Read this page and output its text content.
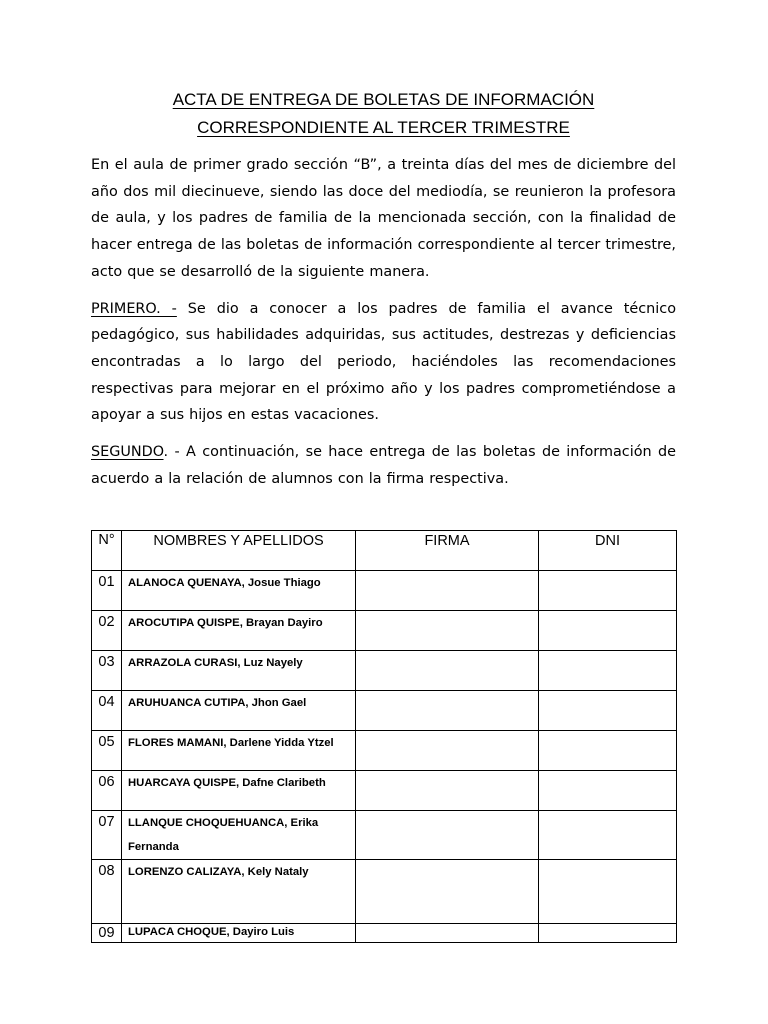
ACTA DE ENTREGA DE BOLETAS DE INFORMACIÓN

CORRESPONDIENTE AL TERCER TRIMESTRE

En el aula de primer grado sección “B”, a treinta días del mes de diciembre del año dos mil diecinueve, siendo las doce del mediodía, se reunieron la profesora de aula, y los padres de familia de la mencionada sección, con la finalidad de hacer entrega de las boletas de información correspondiente al tercer trimestre, acto que se desarrolló de la siguiente manera.

PRIMERO. - Se dio a conocer a los padres de familia el avance técnico pedagógico, sus habilidades adquiridas, sus actitudes, destrezas y deficiencias encontradas a lo largo del periodo, haciéndoles las recomendaciones respectivas para mejorar en el próximo año y los padres comprometiéndose a apoyar a sus hijos en estas vacaciones.

SEGUNDO. - A continuación, se hace entrega de las boletas de información de acuerdo a la relación de alumnos con la firma respectiva.

N°	NOMBRES Y APELLIDOS	FIRMA	DNI
01	ALANOCA QUENAYA, Josue Thiago		
02	AROCUTIPA QUISPE, Brayan Dayiro		
03	ARRAZOLA CURASI, Luz Nayely		
04	ARUHUANCA CUTIPA, Jhon Gael		
05	FLORES MAMANI, Darlene Yidda Ytzel		
06	HUARCAYA QUISPE, Dafne Claribeth		
07	LLANQUE CHOQUEHUANCA, Erika Fernanda		
08	LORENZO CALIZAYA, Kely Nataly		
09	LUPACA CHOQUE, Dayiro Luis		
